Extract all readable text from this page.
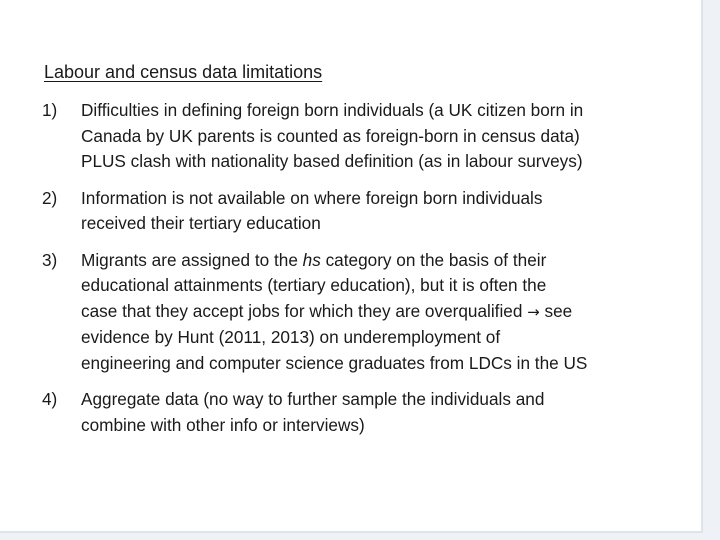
Labour and census data limitations
1) Difficulties in defining foreign born individuals (a UK citizen born in
Canada by UK parents is counted as foreign-born in census data)
PLUS clash with nationality based definition (as in labour surveys)
2) Information is not available on where foreign born individuals
received their tertiary education
3) Migrants are assigned to the hs category on the basis of their
educational attainments (tertiary education), but it is often the
case that they accept jobs for which they are overqualified → see
evidence by Hunt (2011, 2013) on underemployment of
engineering and computer science graduates from LDCs in the US
4) Aggregate data (no way to further sample the individuals and
combine with other info or interviews)
